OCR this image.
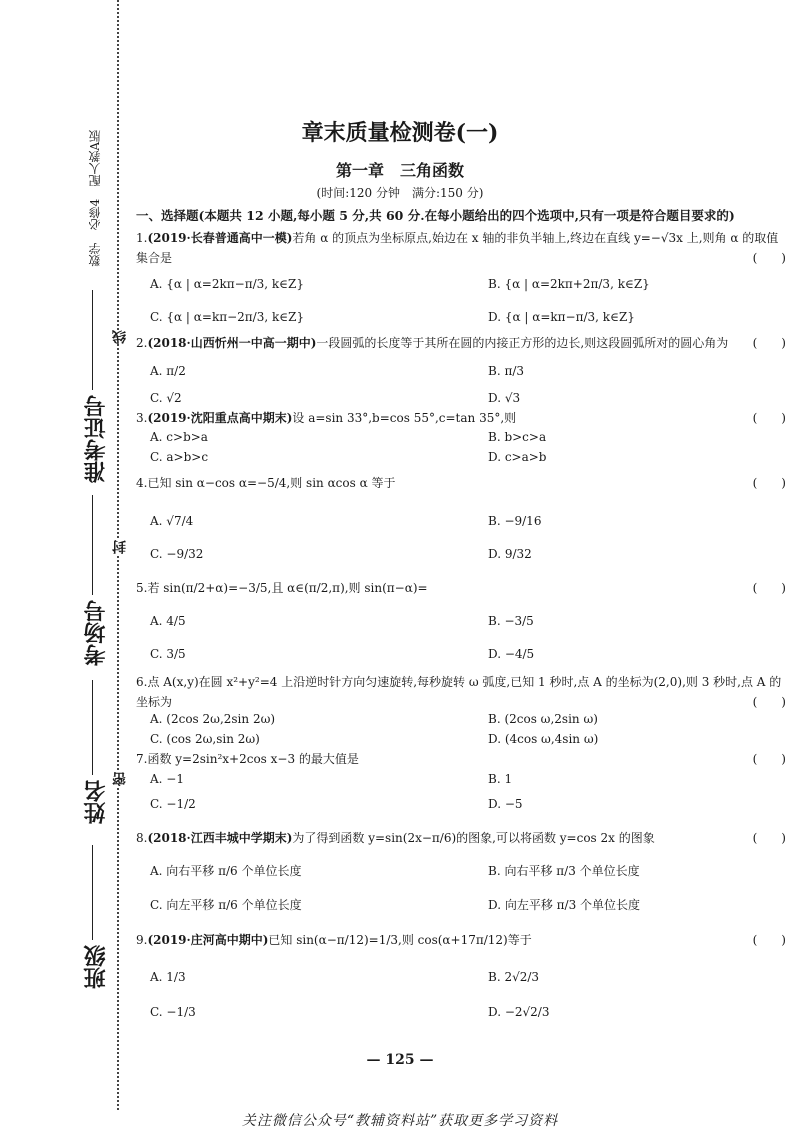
数学　必修4　配人教A版
准考证号
考场号
姓名
班级
线
封
密
章末质量检测卷(一)
第一章　三角函数
(时间:120 分钟　满分:150 分)
一、选择题(本题共 12 小题,每小题 5 分,共 60 分.在每小题给出的四个选项中,只有一项是符合题目要求的)
1.(2019·长春普通高中一模)若角 α 的顶点为坐标原点,始边在 x 轴的非负半轴上,终边在直线 y=−√3x 上,则角 α 的取值集合是	(　　)
A. {α | α=2kπ−π/3, k∈Z}	B. {α | α=2kπ+2π/3, k∈Z}
C. {α | α=kπ−2π/3, k∈Z}	D. {α | α=kπ−π/3, k∈Z}
2.(2018·山西忻州一中高一期中)一段圆弧的长度等于其所在圆的内接正方形的边长,则这段圆弧所对的圆心角为 (　　)
A. π/2	B. π/3
C. √2	D. √3
3.(2019·沈阳重点高中期末)设 a=sin 33°,b=cos 55°,c=tan 35°,则	(　　)
A. c>b>a	B. b>c>a
C. a>b>c	D. c>a>b
4.已知 sin α−cos α=−5/4,则 sin αcos α 等于	(　　)
A. √7/4	B. −9/16
C. −9/32	D. 9/32
5.若 sin(π/2+α)=−3/5,且 α∈(π/2,π),则 sin(π−α)=	(　　)
A. 4/5	B. −3/5
C. 3/5	D. −4/5
6.点 A(x,y)在圆 x²+y²=4 上沿逆时针方向匀速旋转,每秒旋转 ω 弧度,已知 1 秒时,点 A 的坐标为(2,0),则 3 秒时,点 A 的坐标为	(　　)
A. (2cos 2ω,2sin 2ω)	B. (2cos ω,2sin ω)
C. (cos 2ω,sin 2ω)	D. (4cos ω,4sin ω)
7.函数 y=2sin²x+2cos x−3 的最大值是	(　　)
A. −1	B. 1
C. −1/2	D. −5
8.(2018·江西丰城中学期末)为了得到函数 y=sin(2x−π/6)的图象,可以将函数 y=cos 2x 的图象	(　　)
A. 向右平移 π/6 个单位长度	B. 向右平移 π/3 个单位长度
C. 向左平移 π/6 个单位长度	D. 向左平移 π/3 个单位长度
9.(2019·庄河高中期中)已知 sin(α−π/12)=1/3,则 cos(α+17π/12)等于	(　　)
A. 1/3	B. 2√2/3
C. −1/3	D. −2√2/3
— 125 —
关注微信公众号“教辅资料站”获取更多学习资料
